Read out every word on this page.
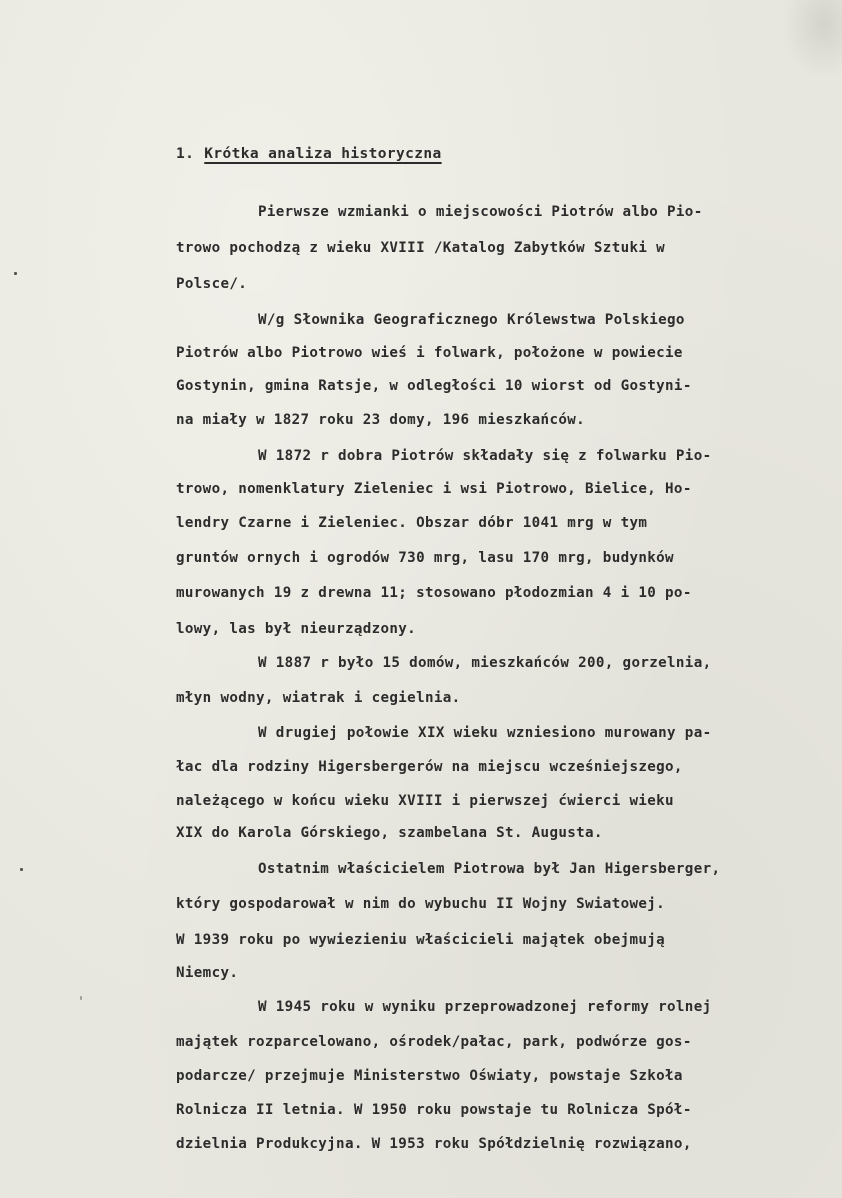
1. Krótka analiza historyczna
Pierwsze wzmianki o miejscowości Piotrów albo Pio-
trowo pochodzą z wieku XVIII /Katalog Zabytków Sztuki w
Polsce/.
W/g Słownika Geograficznego Królewstwa Polskiego
Piotrów albo Piotrowo wieś i folwark, położone w powiecie
Gostynin, gmina Ratsje, w odległości 10 wiorst od Gostyni-
na miały w 1827 roku 23 domy, 196 mieszkańców.
W 1872 r dobra Piotrów składały się z folwarku Pio-
trowo, nomenklatury Zieleniec i wsi Piotrowo, Bielice, Ho-
lendry Czarne i Zieleniec. Obszar dóbr 1041 mrg w tym
gruntów ornych i ogrodów 730 mrg, lasu 170 mrg, budynków
murowanych 19 z drewna 11; stosowano płodozmian 4 i 10 po-
lowy, las był nieurządzony.
W 1887 r było 15 domów, mieszkańców 200, gorzelnia,
młyn wodny, wiatrak i cegielnia.
W drugiej połowie XIX wieku wzniesiono murowany pa-
łac dla rodziny Higersbergerów na miejscu wcześniejszego,
należącego w końcu wieku XVIII i pierwszej ćwierci wieku
XIX do Karola Górskiego, szambelana St. Augusta.
Ostatnim właścicielem Piotrowa był Jan Higersberger,
który gospodarował w nim do wybuchu II Wojny Swiatowej.
W 1939 roku po wywiezieniu właścicieli majątek obejmują
Niemcy.
W 1945 roku w wyniku przeprowadzonej reformy rolnej
majątek rozparcelowano, ośrodek/pałac, park, podwórze gos-
podarcze/ przejmuje Ministerstwo Oświaty, powstaje Szkoła
Rolnicza II letnia. W 1950 roku powstaje tu Rolnicza Spół-
dzielnia Produkcyjna. W 1953 roku Spółdzielnię rozwiązano,
